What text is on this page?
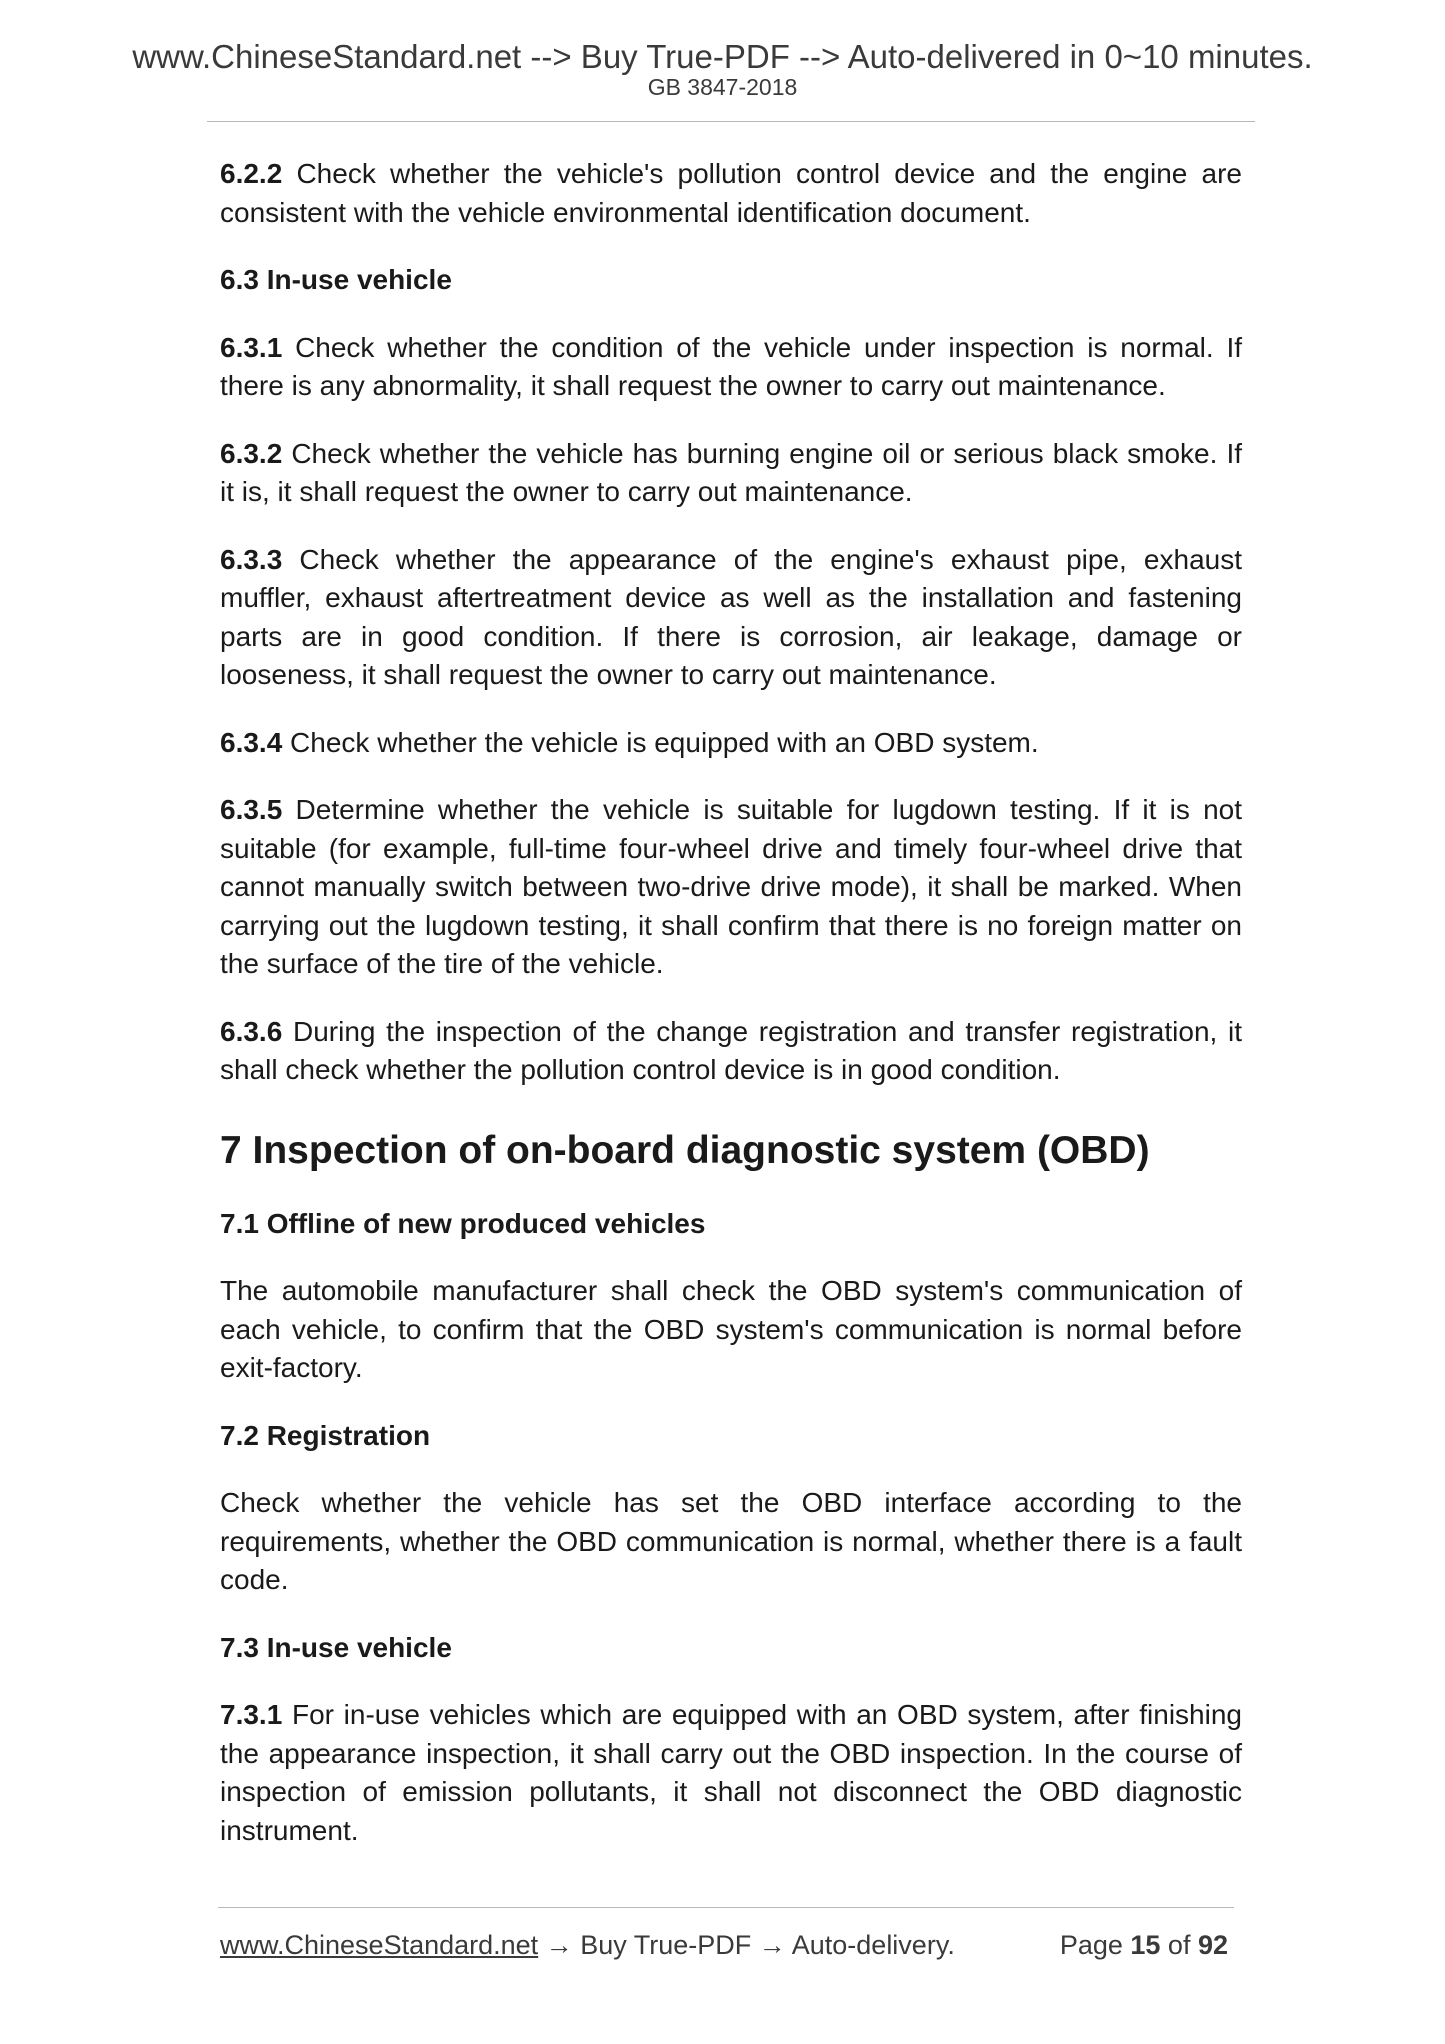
www.ChineseStandard.net --> Buy True-PDF --> Auto-delivered in 0~10 minutes.
GB 3847-2018

6.2.2 Check whether the vehicle's pollution control device and the engine are consistent with the vehicle environmental identification document.

6.3 In-use vehicle

6.3.1 Check whether the condition of the vehicle under inspection is normal. If there is any abnormality, it shall request the owner to carry out maintenance.

6.3.2 Check whether the vehicle has burning engine oil or serious black smoke. If it is, it shall request the owner to carry out maintenance.

6.3.3 Check whether the appearance of the engine's exhaust pipe, exhaust muffler, exhaust aftertreatment device as well as the installation and fastening parts are in good condition. If there is corrosion, air leakage, damage or looseness, it shall request the owner to carry out maintenance.

6.3.4 Check whether the vehicle is equipped with an OBD system.

6.3.5 Determine whether the vehicle is suitable for lugdown testing. If it is not suitable (for example, full-time four-wheel drive and timely four-wheel drive that cannot manually switch between two-drive drive mode), it shall be marked. When carrying out the lugdown testing, it shall confirm that there is no foreign matter on the surface of the tire of the vehicle.

6.3.6 During the inspection of the change registration and transfer registration, it shall check whether the pollution control device is in good condition.

7 Inspection of on-board diagnostic system (OBD)
7.1 Offline of new produced vehicles

The automobile manufacturer shall check the OBD system's communication of each vehicle, to confirm that the OBD system's communication is normal before exit-factory.

7.2 Registration

Check whether the vehicle has set the OBD interface according to the requirements, whether the OBD communication is normal, whether there is a fault code.

7.3 In-use vehicle

7.3.1 For in-use vehicles which are equipped with an OBD system, after finishing the appearance inspection, it shall carry out the OBD inspection. In the course of inspection of emission pollutants, it shall not disconnect the OBD diagnostic instrument.

www.ChineseStandard.net → Buy True-PDF → Auto-delivery.	Page 15 of 92
